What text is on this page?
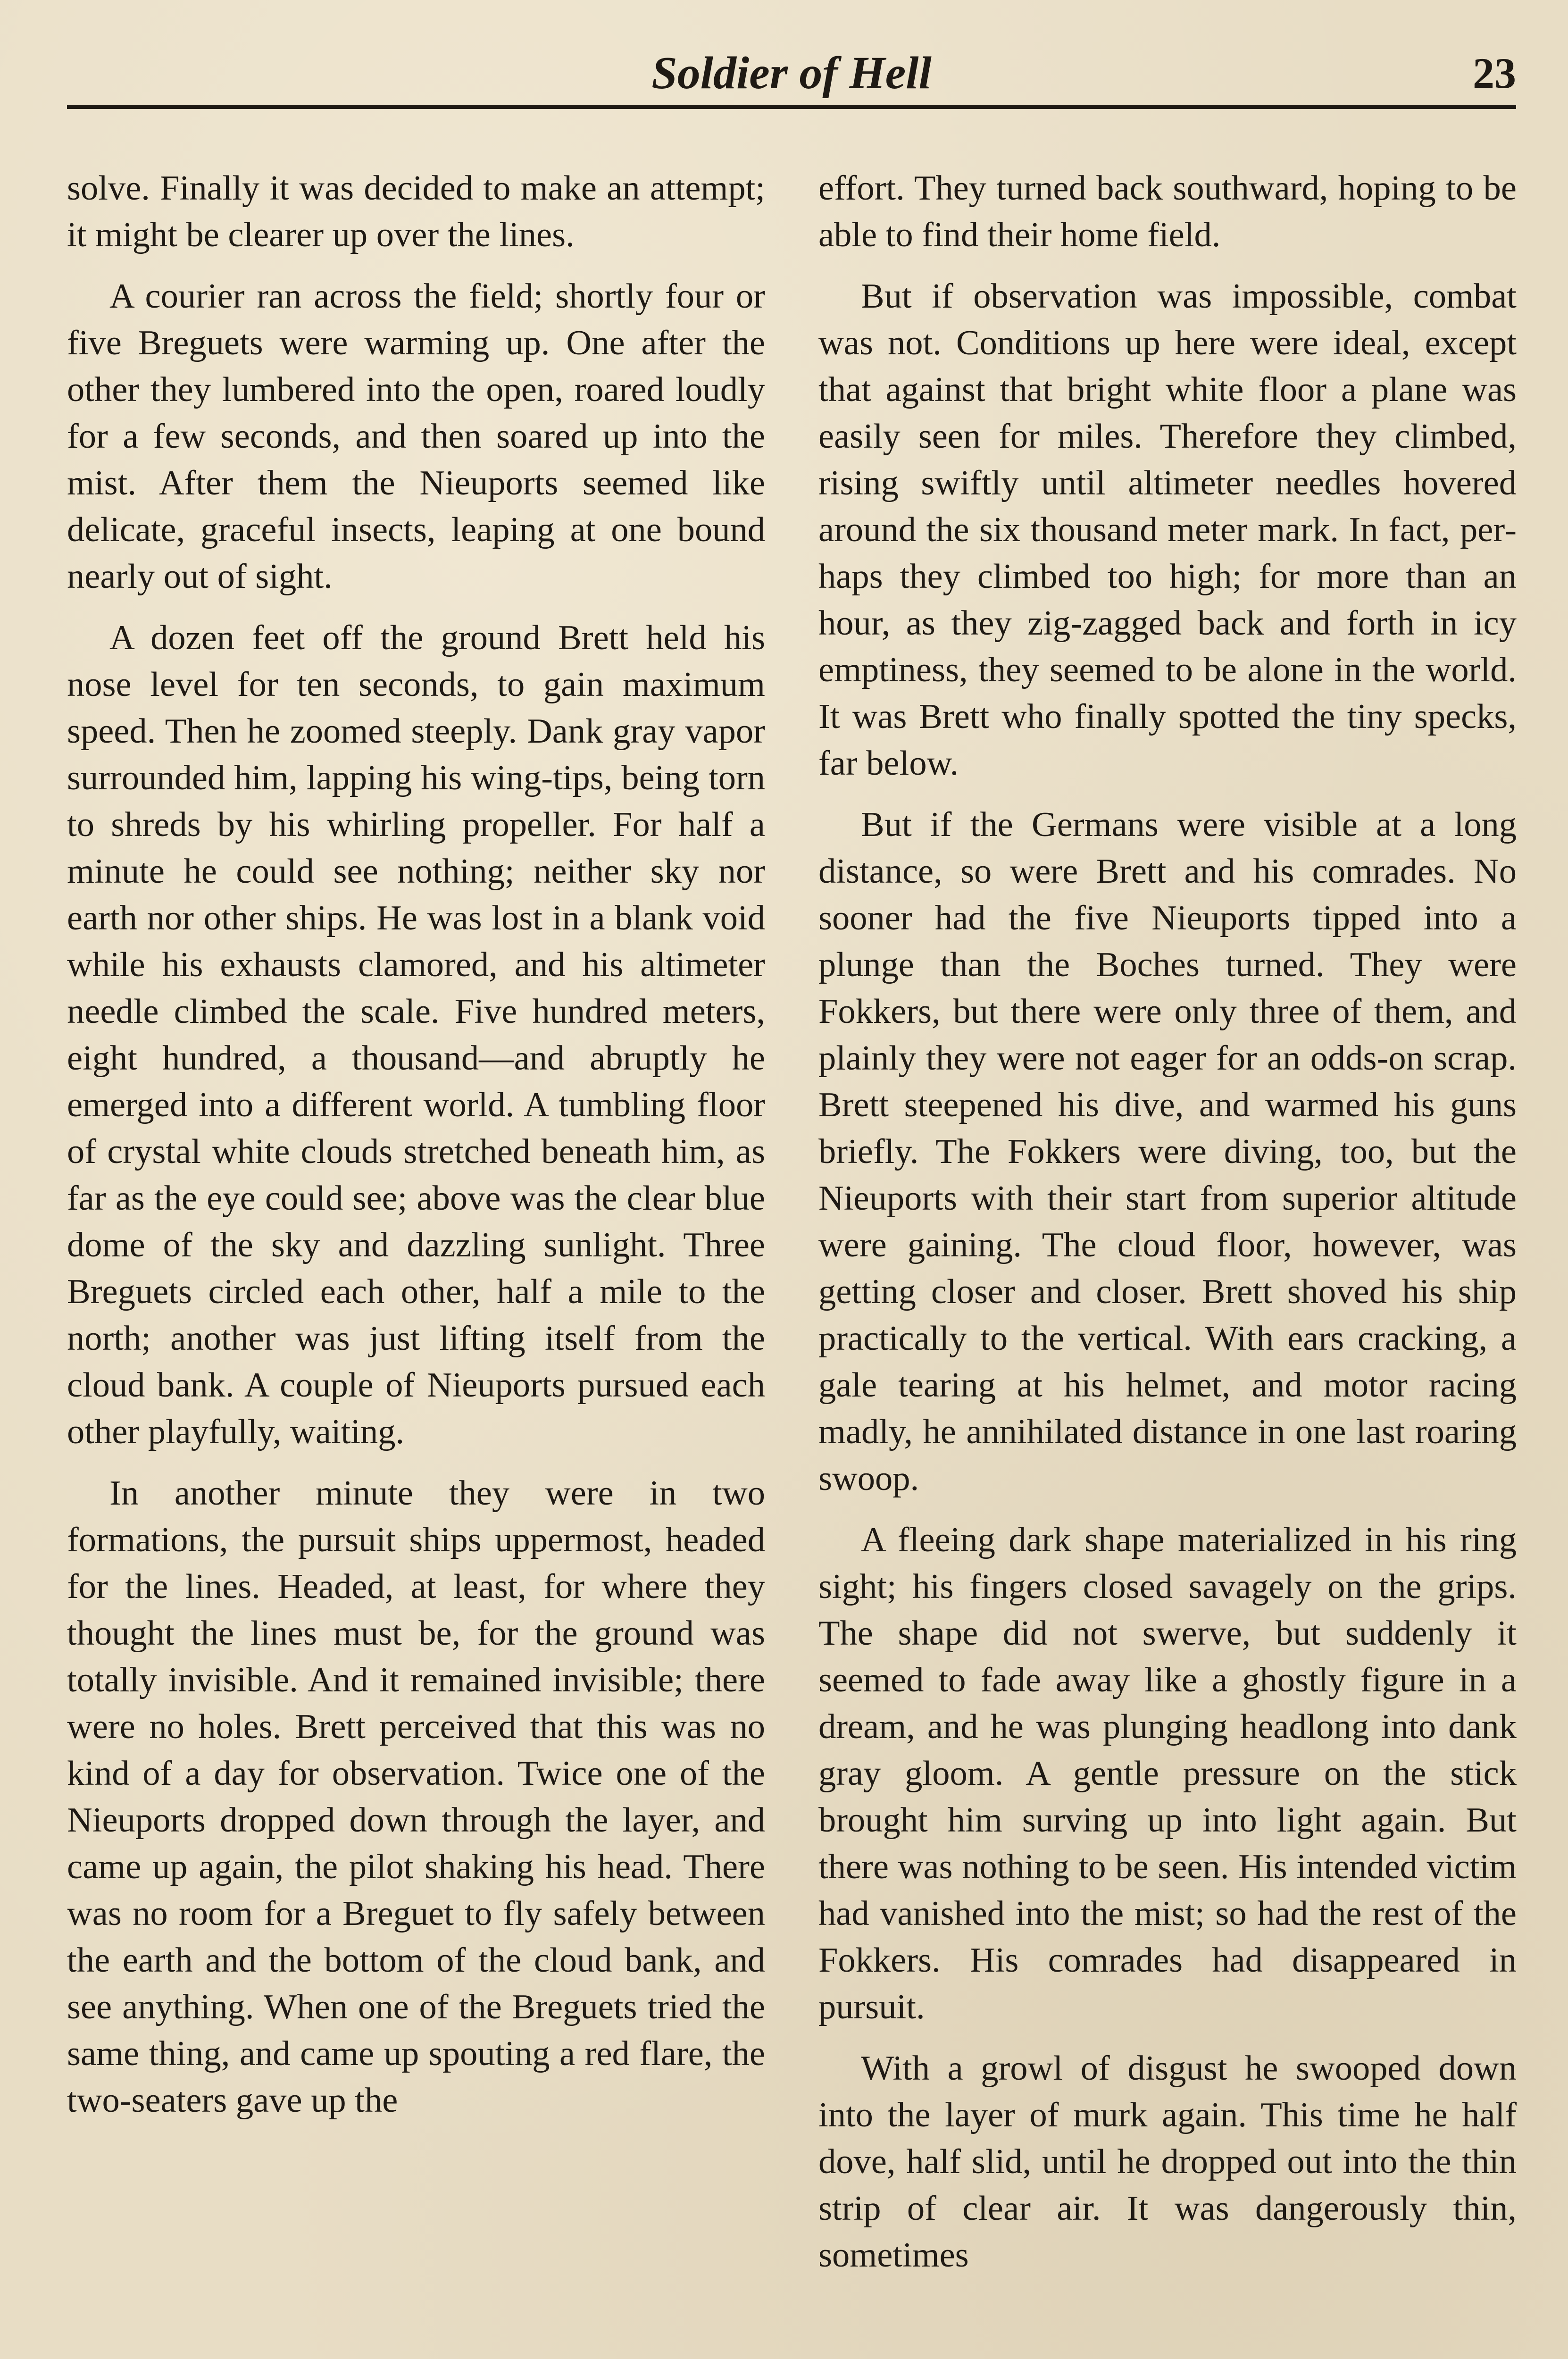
Soldier of Hell	23

solve. Finally it was decided to make an attempt; it might be clearer up over the lines.

A courier ran across the field; shortly four or five Breguets were warming up. One after the other they lumbered into the open, roared loudly for a few seconds, and then soared up into the mist. After them the Nieuports seemed like delicate, graceful insects, leaping at one bound nearly out of sight.

A dozen feet off the ground Brett held his nose level for ten seconds, to gain maximum speed. Then he zoomed steeply. Dank gray vapor surrounded him, lapping his wing-tips, being torn to shreds by his whirling propeller. For half a minute he could see nothing; neither sky nor earth nor other ships. He was lost in a blank void while his exhausts clamored, and his altimeter needle climbed the scale. Five hundred meters, eight hundred, a thousand—and abruptly he emerged into a different world. A tumbling floor of crystal white clouds stretched beneath him, as far as the eye could see; above was the clear blue dome of the sky and dazzling sunlight. Three Breguets circled each other, half a mile to the north; another was just lifting itself from the cloud bank. A couple of Nieuports pursued each other playfully, waiting.

In another minute they were in two formations, the pursuit ships uppermost, headed for the lines. Headed, at least, for where they thought the lines must be, for the ground was totally invisible. And it remained invisible; there were no holes. Brett perceived that this was no kind of a day for observation. Twice one of the Nieuports dropped down through the layer, and came up again, the pilot shaking his head. There was no room for a Breguet to fly safely between the earth and the bottom of the cloud bank, and see anything. When one of the Breguets tried the same thing, and came up spouting a red flare, the two-seaters gave up the

effort. They turned back southward, hoping to be able to find their home field.

But if observation was impossible, combat was not. Conditions up here were ideal, except that against that bright white floor a plane was easily seen for miles. Therefore they climbed, rising swiftly until altimeter needles hovered around the six thousand meter mark. In fact, perhaps they climbed too high; for more than an hour, as they zig-zagged back and forth in icy emptiness, they seemed to be alone in the world. It was Brett who finally spotted the tiny specks, far below.

But if the Germans were visible at a long distance, so were Brett and his comrades. No sooner had the five Nieuports tipped into a plunge than the Boches turned. They were Fokkers, but there were only three of them, and plainly they were not eager for an odds-on scrap. Brett steepened his dive, and warmed his guns briefly. The Fokkers were diving, too, but the Nieuports with their start from superior altitude were gaining. The cloud floor, however, was getting closer and closer. Brett shoved his ship practically to the vertical. With ears cracking, a gale tearing at his helmet, and motor racing madly, he annihilated distance in one last roaring swoop.

A fleeing dark shape materialized in his ring sight; his fingers closed savagely on the grips. The shape did not swerve, but suddenly it seemed to fade away like a ghostly figure in a dream, and he was plunging headlong into dank gray gloom. A gentle pressure on the stick brought him surving up into light again. But there was nothing to be seen. His intended victim had vanished into the mist; so had the rest of the Fokkers. His comrades had disappeared in pursuit.

With a growl of disgust he swooped down into the layer of murk again. This time he half dove, half slid, until he dropped out into the thin strip of clear air. It was dangerously thin, sometimes
